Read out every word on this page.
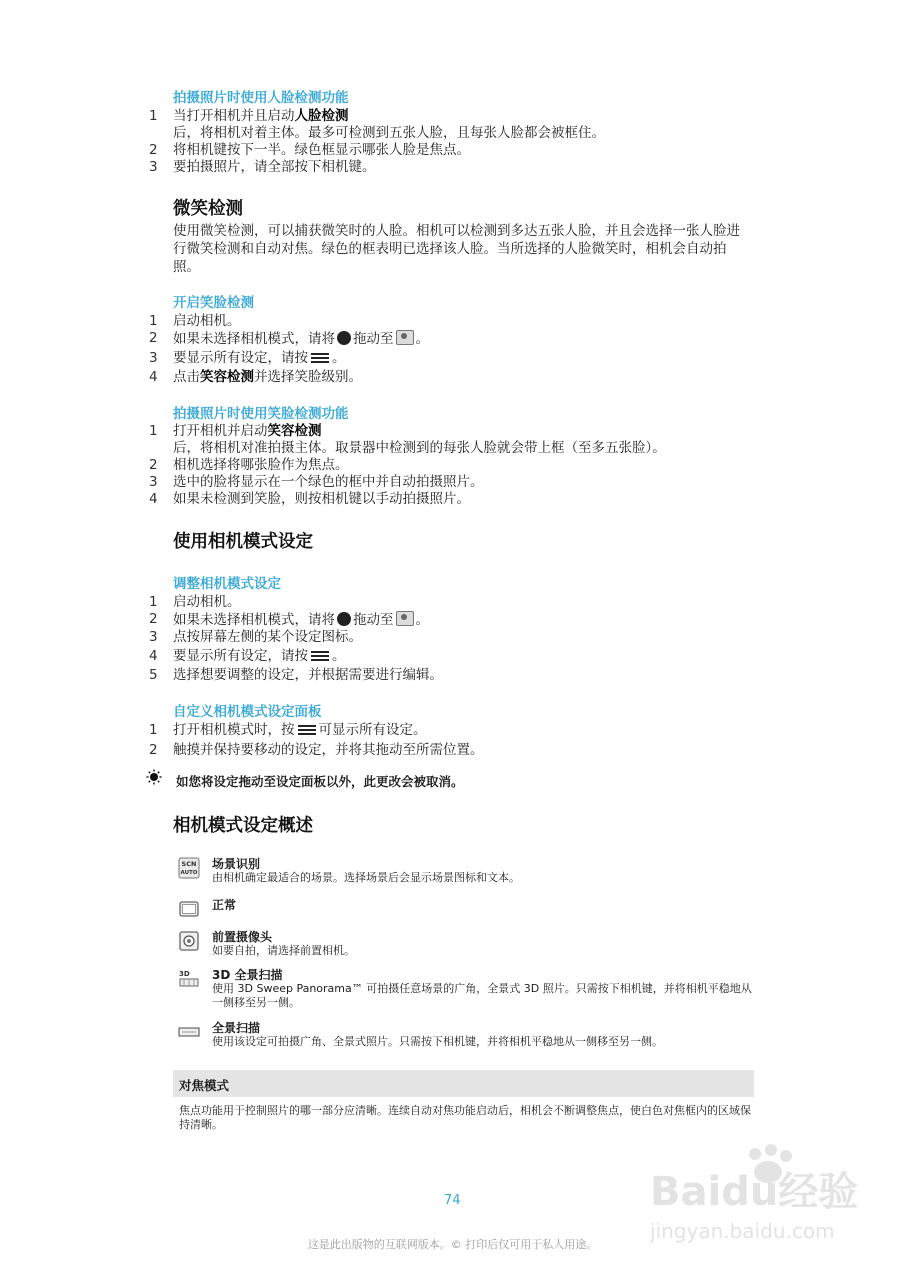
拍摄照片时使用人脸检测功能
1	当打开相机并且启动人脸检测后，将相机对着主体。最多可检测到五张人脸，且每张人脸都会被框住。
2	将相机键按下一半。绿色框显示哪张人脸是焦点。
3	要拍摄照片，请全部按下相机键。
微笑检测
使用微笑检测，可以捕获微笑时的人脸。相机可以检测到多达五张人脸，并且会选择一张人脸进行微笑检测和自动对焦。绿色的框表明已选择该人脸。当所选择的人脸微笑时，相机会自动拍照。
开启笑脸检测
1	启动相机。
2	如果未选择相机模式，请将 拖动至 。
3	要显示所有设定，请按 。
4	点击笑容检测并选择笑脸级别。
拍摄照片时使用笑脸检测功能
1	打开相机并启动笑容检测后，将相机对准拍摄主体。取景器中检测到的每张人脸就会带上框（至多五张脸）。
2	相机选择将哪张脸作为焦点。
3	选中的脸将显示在一个绿色的框中并自动拍摄照片。
4	如果未检测到笑脸，则按相机键以手动拍摄照片。
使用相机模式设定
调整相机模式设定
1	启动相机。
2	如果未选择相机模式，请将 拖动至 。
3	点按屏幕左侧的某个设定图标。
4	要显示所有设定，请按 。
5	选择想要调整的设定，并根据需要进行编辑。
自定义相机模式设定面板
1	打开相机模式时，按 可显示所有设定。
2	触摸并保持要移动的设定，并将其拖动至所需位置。
如您将设定拖动至设定面板以外，此更改会被取消。
相机模式设定概述
SCN
AUTO
场景识别
由相机确定最适合的场景。选择场景后会显示场景图标和文本。
正常
前置摄像头
如要自拍，请选择前置相机。
3D 3D 全景扫描
使用 3D Sweep Panorama™ 可拍摄任意场景的广角，全景式 3D 照片。只需按下相机键，并将相机平稳地从一侧移至另一侧。
全景扫描
使用该设定可拍摄广角、全景式照片。只需按下相机键，并将相机平稳地从一侧移至另一侧。
对焦模式
焦点功能用于控制照片的哪一部分应清晰。连续自动对焦功能启动后，相机会不断调整焦点，使白色对焦框内的区域保持清晰。
74
这是此出版物的互联网版本。© 打印后仅可用于私人用途。
Baidu经验
jingyan.baidu.com
